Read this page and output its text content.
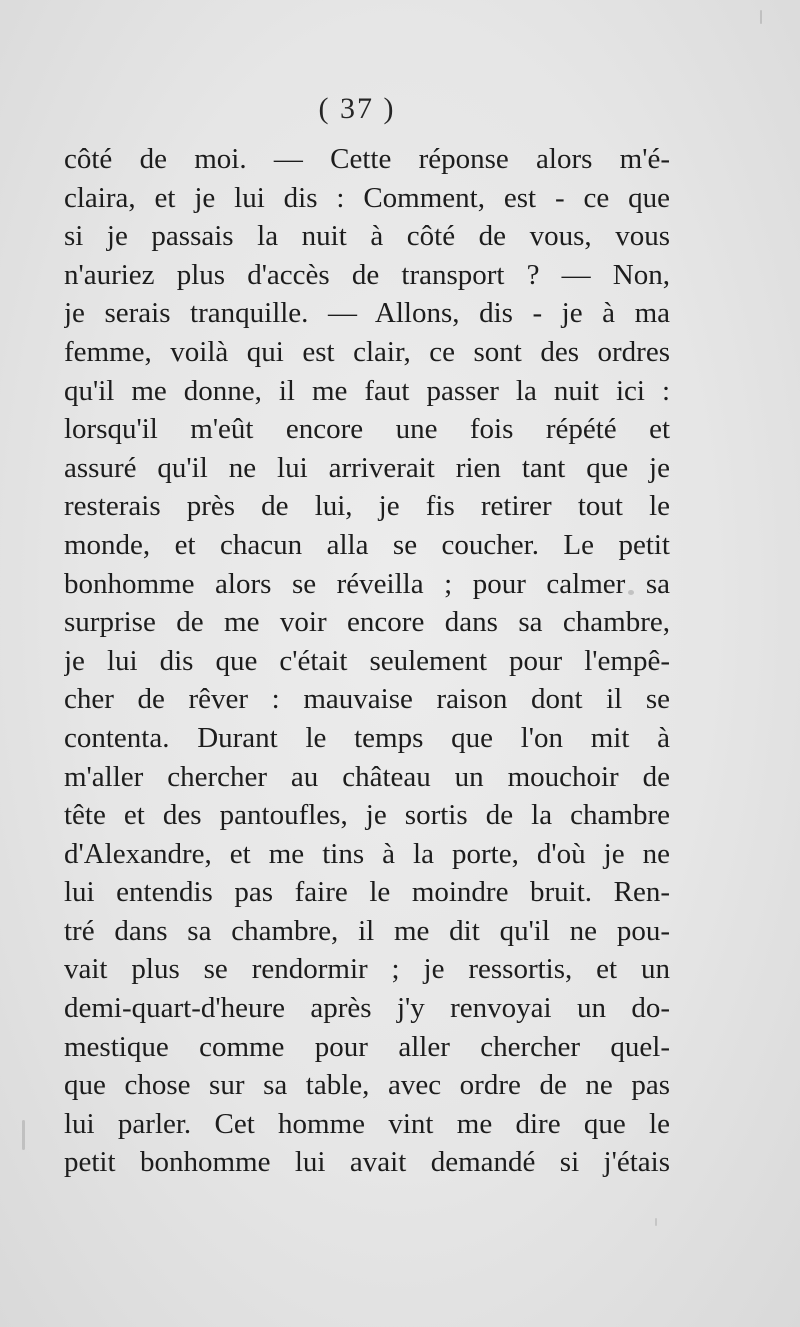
( 37 )
côté de moi. — Cette réponse alors m'é-
claira, et je lui dis : Comment, est - ce que
si je passais la nuit à côté de vous, vous
n'auriez plus d'accès de transport ? — Non,
je serais tranquille. — Allons, dis - je à ma
femme, voilà qui est clair, ce sont des ordres
qu'il me donne, il me faut passer la nuit ici :
lorsqu'il m'eût encore une fois répété et
assuré qu'il ne lui arriverait rien tant que je
resterais près de lui, je fis retirer tout le
monde, et chacun alla se coucher. Le petit
bonhomme alors se réveilla ; pour calmer sa
surprise de me voir encore dans sa chambre,
je lui dis que c'était seulement pour l'empê-
cher de rêver : mauvaise raison dont il se
contenta. Durant le temps que l'on mit à
m'aller chercher au château un mouchoir de
tête et des pantoufles, je sortis de la chambre
d'Alexandre, et me tins à la porte, d'où je ne
lui entendis pas faire le moindre bruit. Ren-
tré dans sa chambre, il me dit qu'il ne pou-
vait plus se rendormir ; je ressortis, et un
demi-quart-d'heure après j'y renvoyai un do-
mestique comme pour aller chercher quel-
que chose sur sa table, avec ordre de ne pas
lui parler. Cet homme vint me dire que le
petit bonhomme lui avait demandé si j'étais
